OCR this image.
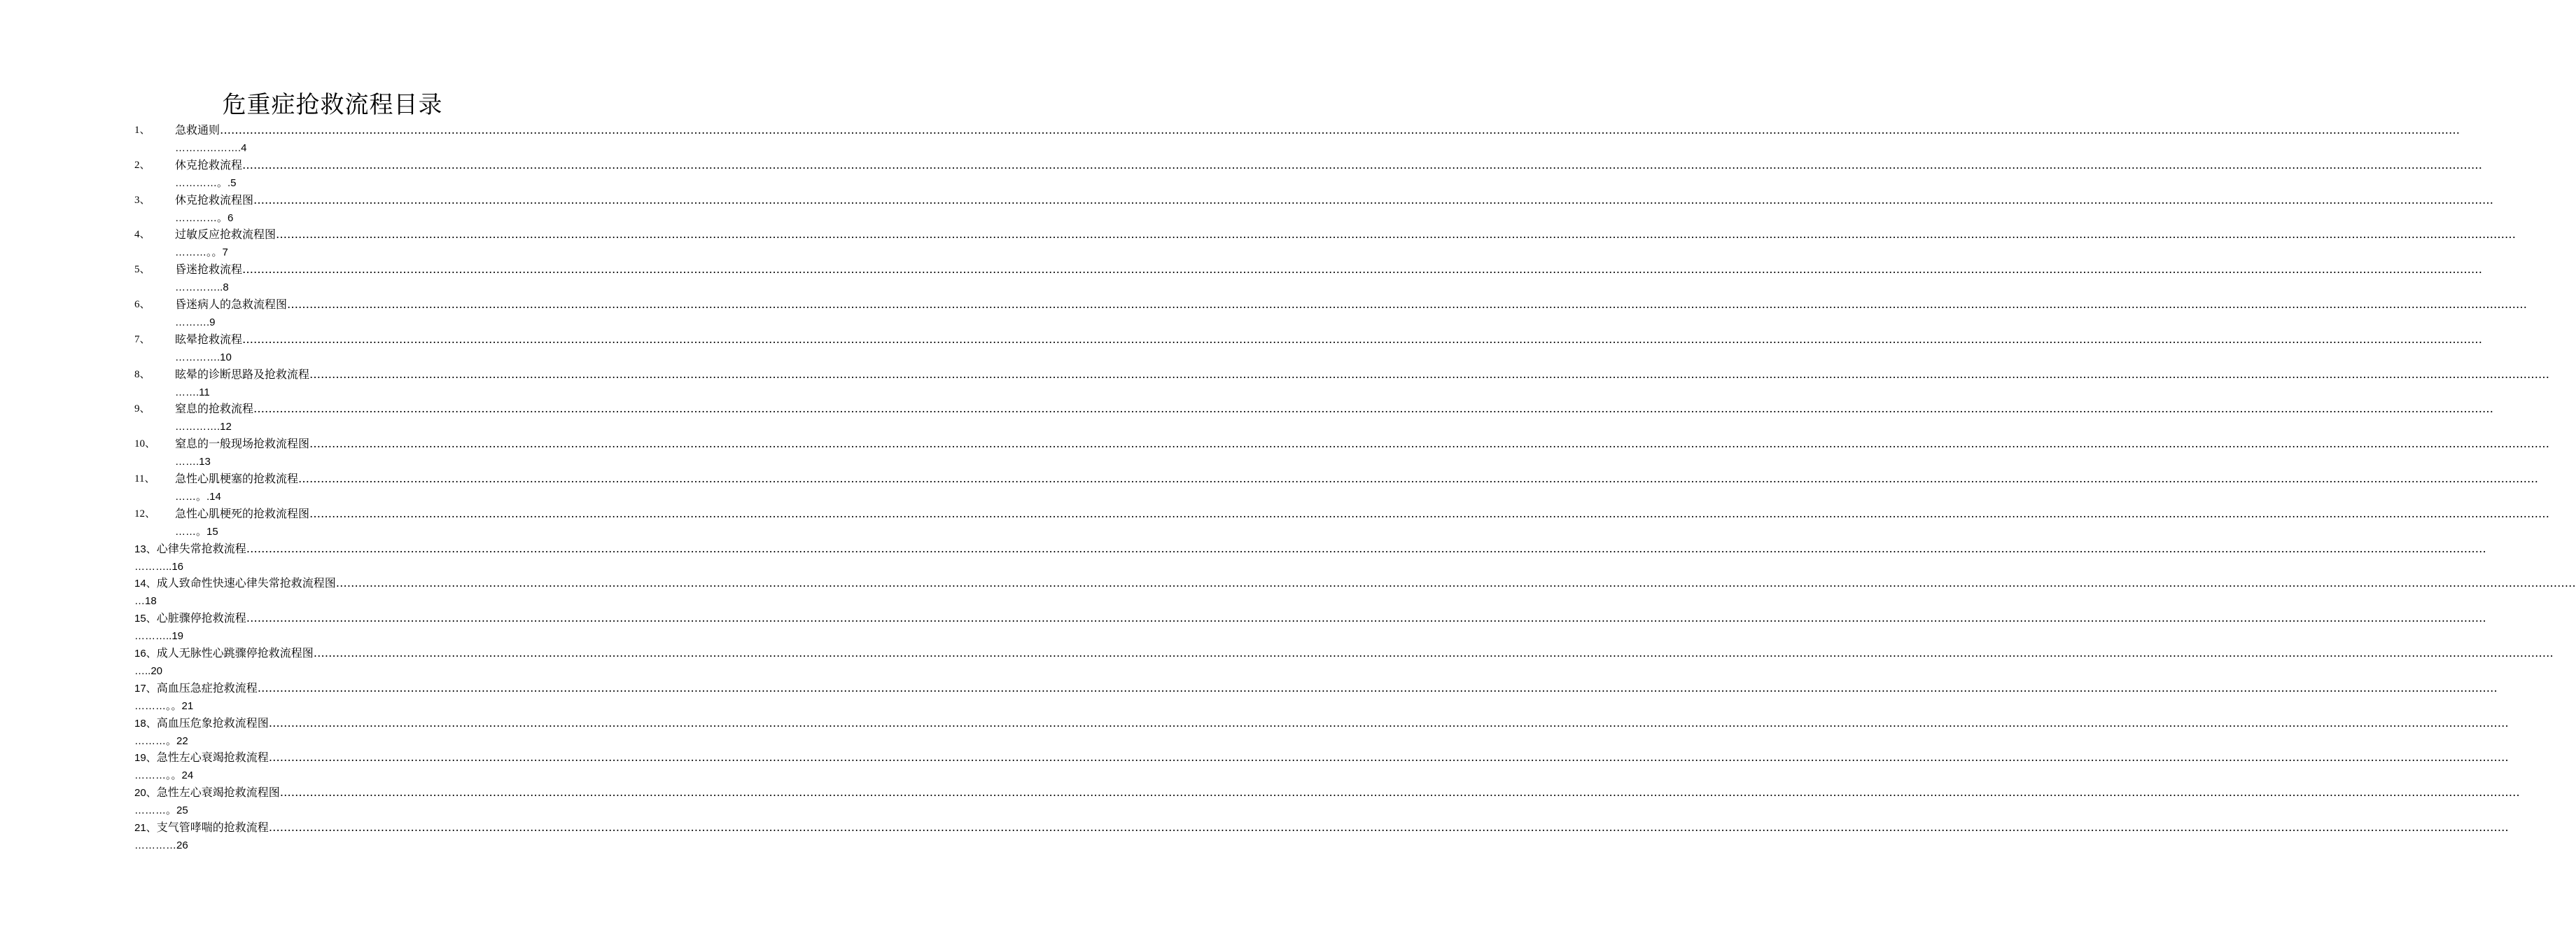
危重症抢救流程目录
1、 急救通则……………………………………………………………………………………………………………………………………………………………………………………………………………………………………………………………………………………………………………………………………………………………………………………………………………………………………………………………………………………………………………………………………………………
……………….4
2、 休克抢救流程……………………………………………………………………………………………………………………………………………………………………………………………………………………………………………………………………………………………………………………………………………………………………………………………………………………………………………………………………………………………………………………………………………………
…………。.5
3、 休克抢救流程图……………………………………………………………………………………………………………………………………………………………………………………………………………………………………………………………………………………………………………………………………………………………………………………………………………………………………………………………………………………………………………………………………………………
…………。6
4、 过敏反应抢救流程图……………………………………………………………………………………………………………………………………………………………………………………………………………………………………………………………………………………………………………………………………………………………………………………………………………………………………………………………………………………………………………………………………………………
………。。7
5、 昏迷抢救流程……………………………………………………………………………………………………………………………………………………………………………………………………………………………………………………………………………………………………………………………………………………………………………………………………………………………………………………………………………………………………………………………………………………
…………..8
6、 昏迷病人的急救流程图……………………………………………………………………………………………………………………………………………………………………………………………………………………………………………………………………………………………………………………………………………………………………………………………………………………………………………………………………………………………………………………………………………………
……….9
7、 眩晕抢救流程……………………………………………………………………………………………………………………………………………………………………………………………………………………………………………………………………………………………………………………………………………………………………………………………………………………………………………………………………………………………………………………………………………………
………….10
8、 眩晕的诊断思路及抢救流程……………………………………………………………………………………………………………………………………………………………………………………………………………………………………………………………………………………………………………………………………………………………………………………………………………………………………………………………………………………………………………………………………………………
…….11
9、 窒息的抢救流程……………………………………………………………………………………………………………………………………………………………………………………………………………………………………………………………………………………………………………………………………………………………………………………………………………………………………………………………………………………………………………………………………………………
………….12
10、 窒息的一般现场抢救流程图……………………………………………………………………………………………………………………………………………………………………………………………………………………………………………………………………………………………………………………………………………………………………………………………………………………………………………………………………………………………………………………………………………………
…….13
11、 急性心肌梗塞的抢救流程……………………………………………………………………………………………………………………………………………………………………………………………………………………………………………………………………………………………………………………………………………………………………………………………………………………………………………………………………………………………………………………………………………………
……。.14
12、 急性心肌梗死的抢救流程图……………………………………………………………………………………………………………………………………………………………………………………………………………………………………………………………………………………………………………………………………………………………………………………………………………………………………………………………………………………………………………………………………………………
……。15
13、心律失常抢救流程……………………………………………………………………………………………………………………………………………………………………………………………………………………………………………………………………………………………………………………………………………………………………………………………………………………………………………………………………………………………………………………………………………………
………..16
14、成人致命性快速心律失常抢救流程图……………………………………………………………………………………………………………………………………………………………………………………………………………………………………………………………………………………………………………………………………………………………………………………………………………………………………………………………………………………………………………………………………………………
…18
15、心脏骤停抢救流程……………………………………………………………………………………………………………………………………………………………………………………………………………………………………………………………………………………………………………………………………………………………………………………………………………………………………………………………………………………………………………………………………………………
………..19
16、成人无脉性心跳骤停抢救流程图……………………………………………………………………………………………………………………………………………………………………………………………………………………………………………………………………………………………………………………………………………………………………………………………………………………………………………………………………………………………………………………………………………………
…..20
17、高血压急症抢救流程……………………………………………………………………………………………………………………………………………………………………………………………………………………………………………………………………………………………………………………………………………………………………………………………………………………………………………………………………………………………………………………………………………………
………。。21
18、高血压危象抢救流程图……………………………………………………………………………………………………………………………………………………………………………………………………………………………………………………………………………………………………………………………………………………………………………………………………………………………………………………………………………………………………………………………………………………
………。22
19、急性左心衰竭抢救流程……………………………………………………………………………………………………………………………………………………………………………………………………………………………………………………………………………………………………………………………………………………………………………………………………………………………………………………………………………………………………………………………………………………
………。。24
20、急性左心衰竭抢救流程图……………………………………………………………………………………………………………………………………………………………………………………………………………………………………………………………………………………………………………………………………………………………………………………………………………………………………………………………………………………………………………………………………………………
………。25
21、支气管哮喘的抢救流程……………………………………………………………………………………………………………………………………………………………………………………………………………………………………………………………………………………………………………………………………………………………………………………………………………………………………………………………………………………………………………………………………………………
…………26
